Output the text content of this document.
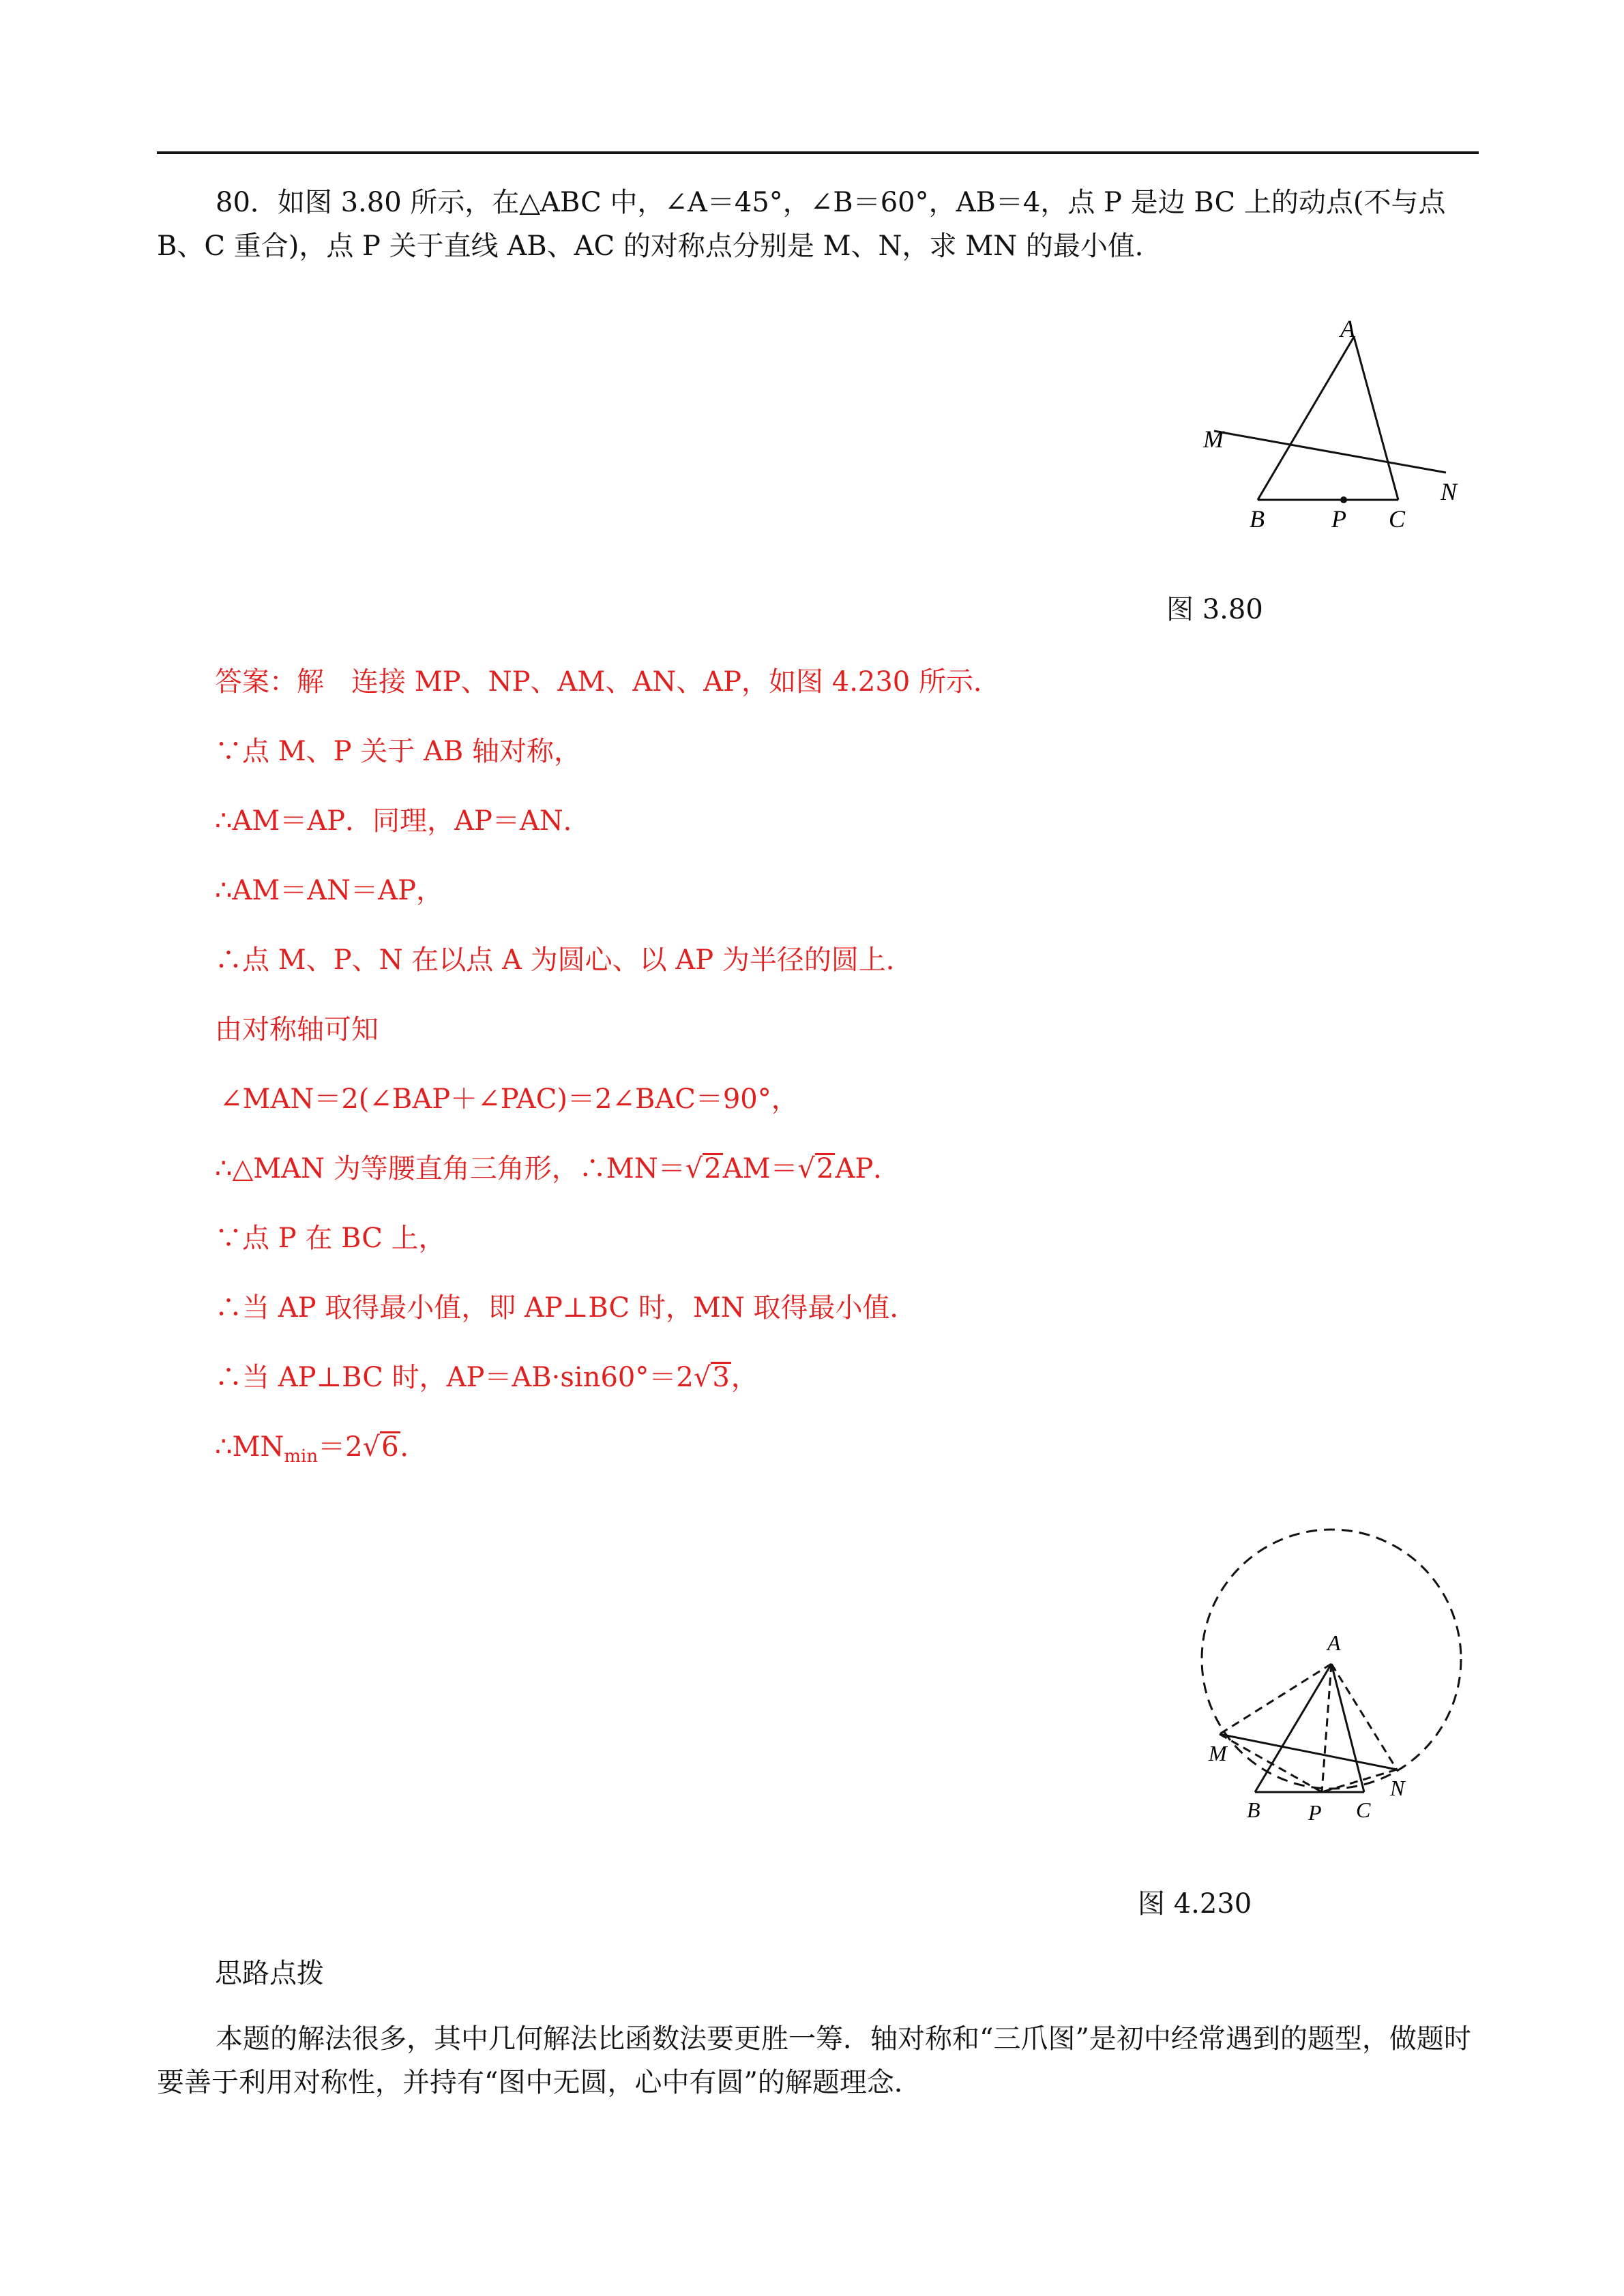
80．如图 3.80 所示，在△ABC 中，∠A＝45°，∠B＝60°，AB＝4，点 P 是边 BC 上的动点(不与点 B、C 重合)，点 P 关于直线 AB、AC 的对称点分别是 M、N，求 MN 的最小值．

A
M
N
B	P C
图 3.80

答案：解　连接 MP、NP、AM、AN、AP，如图 4.230 所示．

∵点 M、P 关于 AB 轴对称，

∴AM＝AP．同理，AP＝AN．

∴AM＝AN＝AP，

∴点 M、P、N 在以点 A 为圆心、以 AP 为半径的圆上．

由对称轴可知

∠MAN＝2(∠BAP＋∠PAC)＝2∠BAC＝90°，

∴△MAN 为等腰直角三角形，∴MN＝√2AM＝√2AP．

∵点 P 在 BC 上，

∴当 AP 取得最小值，即 AP⊥BC 时，MN 取得最小值．

∴当 AP⊥BC 时，AP＝AB·sin60°＝2√3，

$\therefore MN_{min}=2√6$．

A
M
N
B P C
图 4.230

思路点拨

本题的解法很多，其中几何解法比函数法要更胜一筹．轴对称和“三爪图”是初中经常遇到的题型，做题时要善于利用对称性，并持有“图中无圆，心中有圆”的解题理念．
